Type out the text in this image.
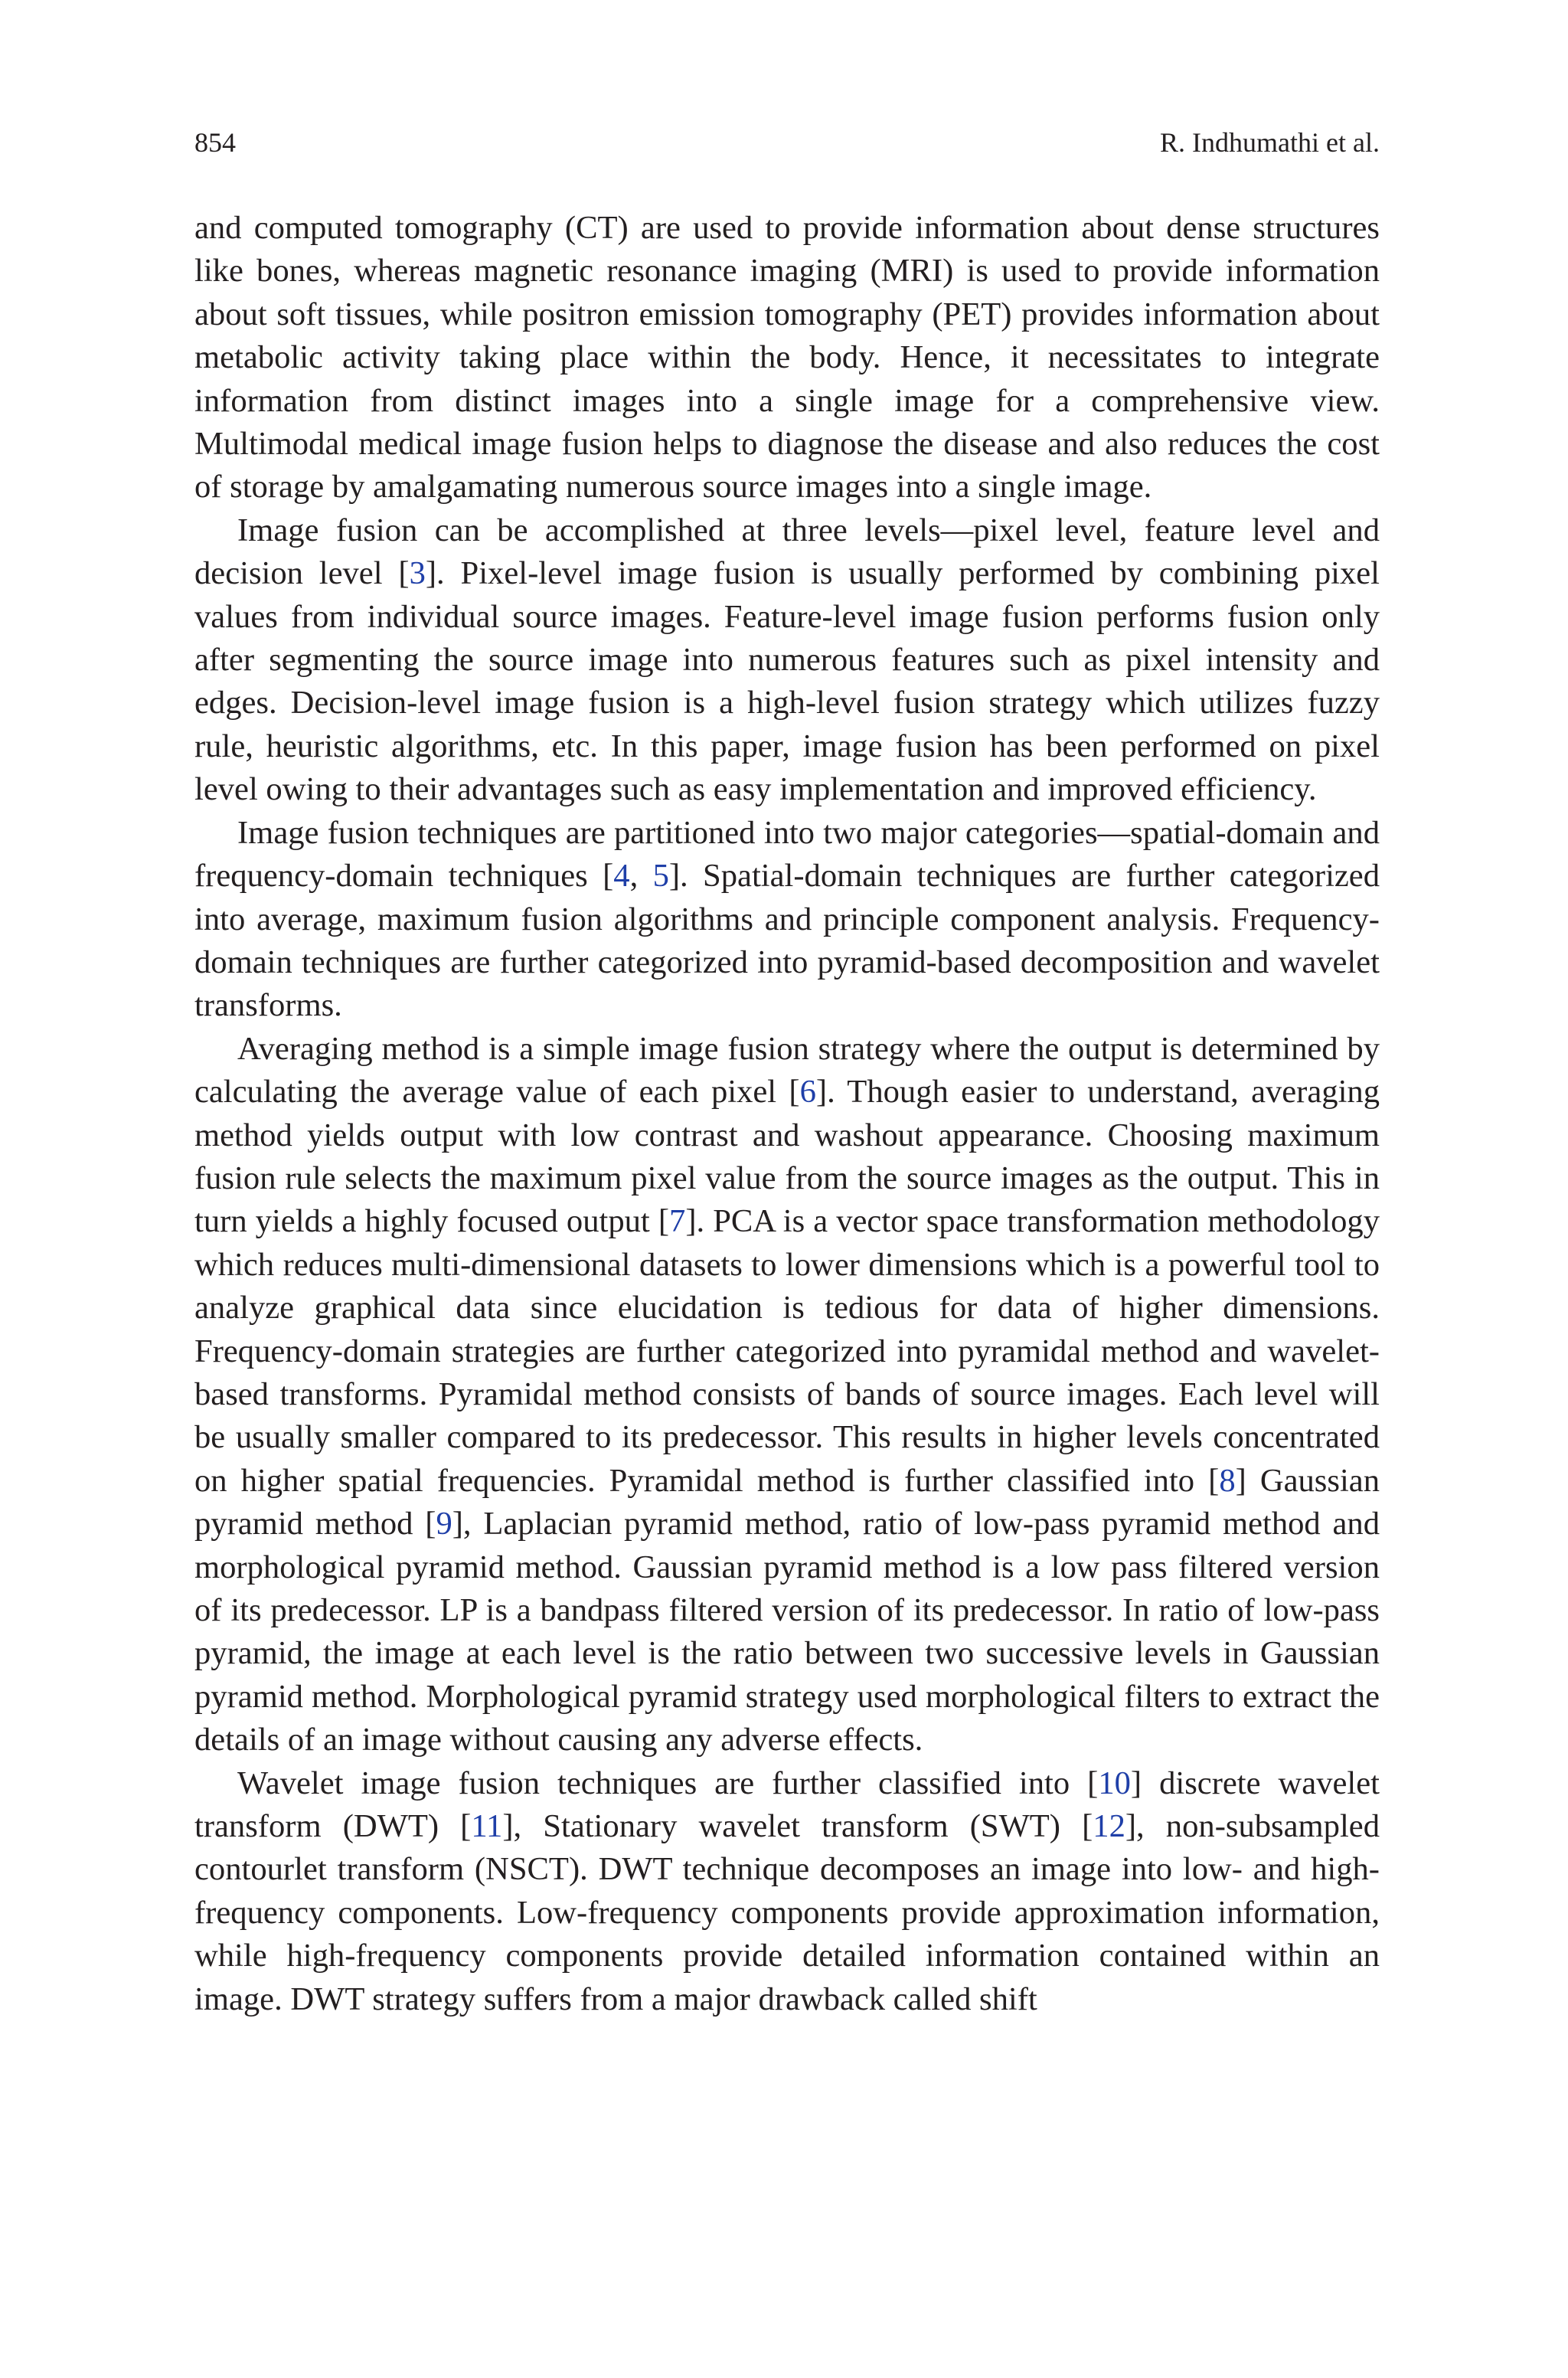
854	R. Indhumathi et al.

and computed tomography (CT) are used to provide information about dense structures like bones, whereas magnetic resonance imaging (MRI) is used to provide information about soft tissues, while positron emission tomography (PET) provides information about metabolic activity taking place within the body. Hence, it necessitates to integrate information from distinct images into a single image for a comprehensive view. Multimodal medical image fusion helps to diagnose the disease and also reduces the cost of storage by amalgamating numerous source images into a single image.

Image fusion can be accomplished at three levels—pixel level, feature level and decision level [3]. Pixel-level image fusion is usually performed by combining pixel values from individual source images. Feature-level image fusion performs fusion only after segmenting the source image into numerous features such as pixel intensity and edges. Decision-level image fusion is a high-level fusion strategy which utilizes fuzzy rule, heuristic algorithms, etc. In this paper, image fusion has been performed on pixel level owing to their advantages such as easy implementation and improved efficiency.

Image fusion techniques are partitioned into two major categories—spatial-domain and frequency-domain techniques [4, 5]. Spatial-domain techniques are further categorized into average, maximum fusion algorithms and principle component analysis. Frequency-domain techniques are further categorized into pyramid-based decomposition and wavelet transforms.

Averaging method is a simple image fusion strategy where the output is determined by calculating the average value of each pixel [6]. Though easier to understand, averaging method yields output with low contrast and washout appearance. Choosing maximum fusion rule selects the maximum pixel value from the source images as the output. This in turn yields a highly focused output [7]. PCA is a vector space transformation methodology which reduces multi-dimensional datasets to lower dimensions which is a powerful tool to analyze graphical data since elucidation is tedious for data of higher dimensions. Frequency-domain strategies are further categorized into pyramidal method and wavelet-based transforms. Pyramidal method consists of bands of source images. Each level will be usually smaller compared to its predecessor. This results in higher levels concentrated on higher spatial frequencies. Pyramidal method is further classified into [8] Gaussian pyramid method [9], Laplacian pyramid method, ratio of low-pass pyramid method and morphological pyramid method. Gaussian pyramid method is a low pass filtered version of its predecessor. LP is a bandpass filtered version of its predecessor. In ratio of low-pass pyramid, the image at each level is the ratio between two successive levels in Gaussian pyramid method. Morphological pyramid strategy used morphological filters to extract the details of an image without causing any adverse effects.

Wavelet image fusion techniques are further classified into [10] discrete wavelet transform (DWT) [11], Stationary wavelet transform (SWT) [12], non-subsampled contourlet transform (NSCT). DWT technique decomposes an image into low- and high-frequency components. Low-frequency components provide approximation information, while high-frequency components provide detailed information contained within an image. DWT strategy suffers from a major drawback called shift
